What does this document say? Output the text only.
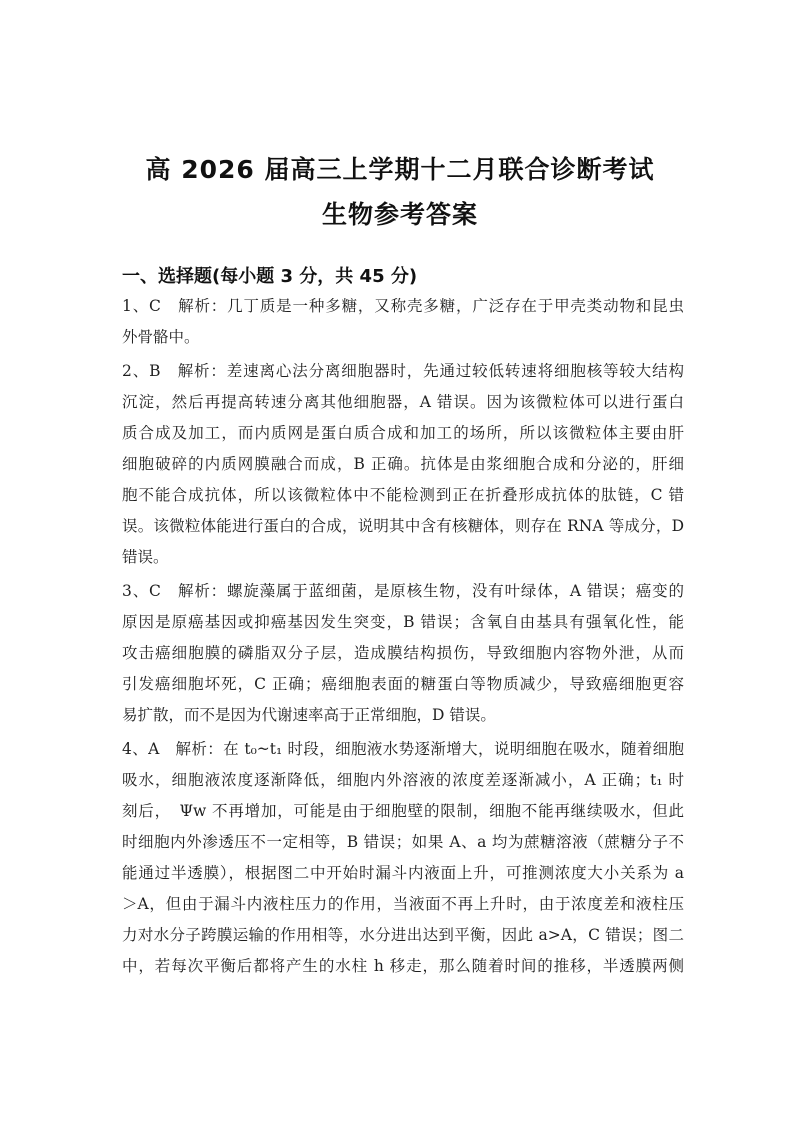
高 2026 届高三上学期十二月联合诊断考试
生物参考答案
一、选择题(每小题 3 分，共 45 分)
1、C　解析：几丁质是一种多糖，又称壳多糖，广泛存在于甲壳类动物和昆虫
外骨骼中。
2、B　解析：差速离心法分离细胞器时，先通过较低转速将细胞核等较大结构
沉淀，然后再提高转速分离其他细胞器，A 错误。因为该微粒体可以进行蛋白
质合成及加工，而内质网是蛋白质合成和加工的场所，所以该微粒体主要由肝
细胞破碎的内质网膜融合而成，B 正确。抗体是由浆细胞合成和分泌的，肝细
胞不能合成抗体，所以该微粒体中不能检测到正在折叠形成抗体的肽链，C 错
误。该微粒体能进行蛋白的合成，说明其中含有核糖体，则存在 RNA 等成分，D
错误。
3、C　解析：螺旋藻属于蓝细菌，是原核生物，没有叶绿体，A 错误；癌变的
原因是原癌基因或抑癌基因发生突变，B 错误；含氧自由基具有强氧化性，能
攻击癌细胞膜的磷脂双分子层，造成膜结构损伤，导致细胞内容物外泄，从而
引发癌细胞坏死，C 正确；癌细胞表面的糖蛋白等物质减少，导致癌细胞更容
易扩散，而不是因为代谢速率高于正常细胞，D 错误。
4、A　解析：在 t₀~t₁ 时段，细胞液水势逐渐增大，说明细胞在吸水，随着细胞
吸水，细胞液浓度逐渐降低，细胞内外溶液的浓度差逐渐减小，A 正确；t₁ 时
刻后，　Ψw 不再增加，可能是由于细胞壁的限制，细胞不能再继续吸水，但此
时细胞内外渗透压不一定相等，B 错误；如果 A、a 均为蔗糖溶液（蔗糖分子不
能通过半透膜），根据图二中开始时漏斗内液面上升，可推测浓度大小关系为 a
＞A，但由于漏斗内液柱压力的作用，当液面不再上升时，由于浓度差和液柱压
力对水分子跨膜运输的作用相等，水分进出达到平衡，因此 a>A，C 错误；图二
中，若每次平衡后都将产生的水柱 h 移走，那么随着时间的推移，半透膜两侧
